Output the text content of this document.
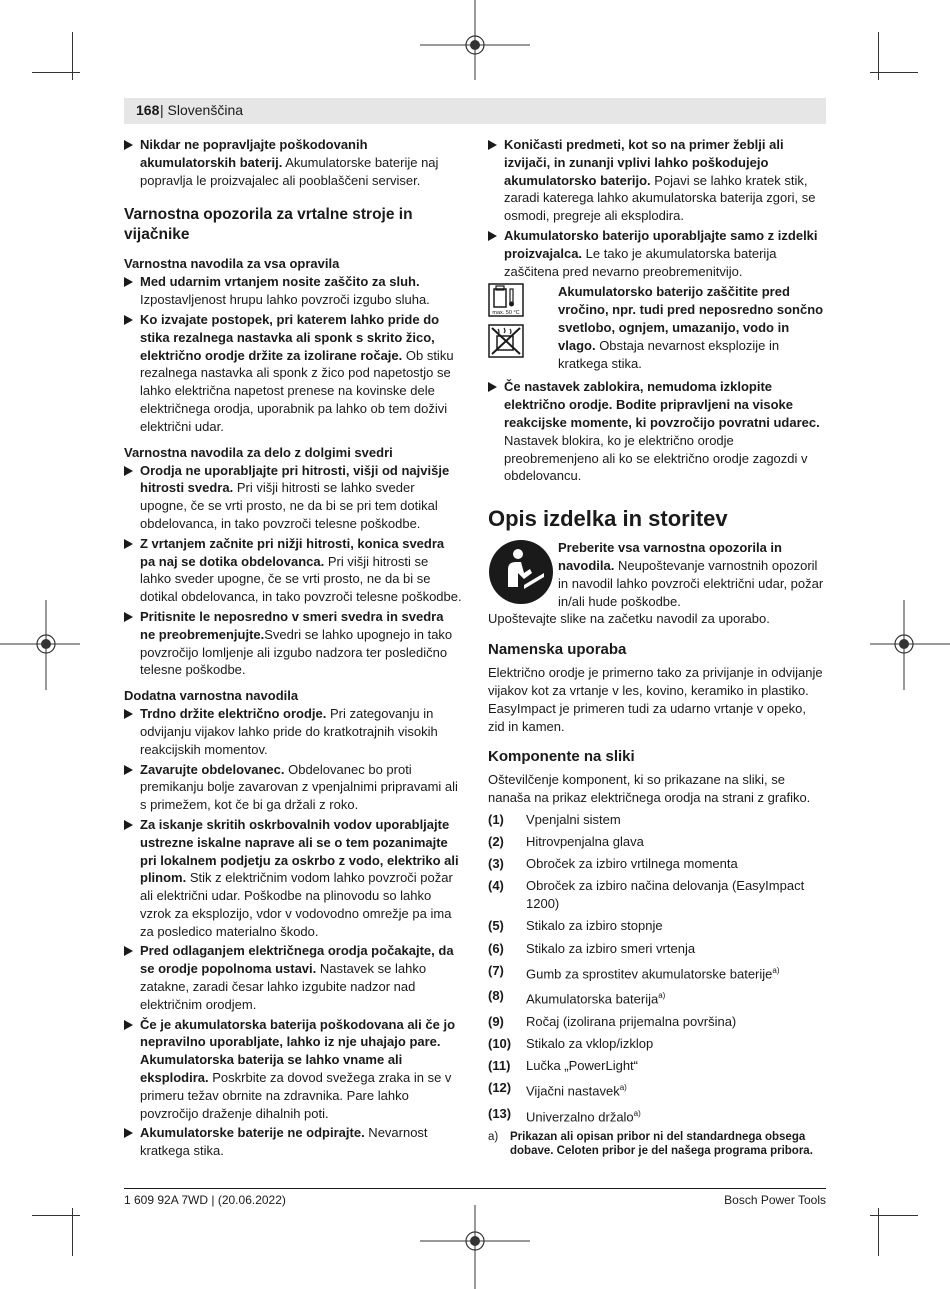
168 | Slovenščina
Nikdar ne popravljajte poškodovanih akumulatorskih baterij. Akumulatorske baterije naj popravlja le proizvajalec ali pooblaščeni serviser.
Varnostna opozorila za vrtalne stroje in vijačnike
Varnostna navodila za vsa opravila
Med udarnim vrtanjem nosite zaščito za sluh. Izpostavljenost hrupu lahko povzroči izgubo sluha.
Ko izvajate postopek, pri katerem lahko pride do stika rezalnega nastavka ali sponk s skrito žico, električno orodje držite za izolirane ročaje. Ob stiku rezalnega nastavka ali sponk z žico pod napetostjo se lahko električna napetost prenese na kovinske dele električnega orodja, uporabnik pa lahko ob tem doživi električni udar.
Varnostna navodila za delo z dolgimi svedri
Orodja ne uporabljajte pri hitrosti, višji od najvišje hitrosti svedra. Pri višji hitrosti se lahko sveder upogne, če se vrti prosto, ne da bi se pri tem dotikal obdelovanca, in tako povzroči telesne poškodbe.
Z vrtanjem začnite pri nižji hitrosti, konica svedra pa naj se dotika obdelovanca. Pri višji hitrosti se lahko sveder upogne, če se vrti prosto, ne da bi se dotikal obdelovanca, in tako povzroči telesne poškodbe.
Pritisnite le neposredno v smeri svedra in svedra ne preobremenjujte.Svedri se lahko upognejo in tako povzročijo lomljenje ali izgubo nadzora ter posledično telesne poškodbe.
Dodatna varnostna navodila
Trdno držite električno orodje. Pri zategovanju in odvijanju vijakov lahko pride do kratkotrajnih visokih reakcijskih momentov.
Zavarujte obdelovanec. Obdelovanec bo proti premikanju bolje zavarovan z vpenjalnimi pripravami ali s primežem, kot če bi ga držali z roko.
Za iskanje skritih oskrbovalnih vodov uporabljajte ustrezne iskalne naprave ali se o tem pozanimajte pri lokalnem podjetju za oskrbo z vodo, elektriko ali plinom. Stik z električnim vodom lahko povzroči požar ali električni udar. Poškodbe na plinovodu so lahko vzrok za eksplozijo, vdor v vodovodno omrežje pa ima za posledico materialno škodo.
Pred odlaganjem električnega orodja počakajte, da se orodje popolnoma ustavi. Nastavek se lahko zatakne, zaradi česar lahko izgubite nadzor nad električnim orodjem.
Če je akumulatorska baterija poškodovana ali če jo nepravilno uporabljate, lahko iz nje uhajajo pare. Akumulatorska baterija se lahko vname ali eksplodira. Poskrbite za dovod svežega zraka in se v primeru težav obrnite na zdravnika. Pare lahko povzročijo draženje dihalnih poti.
Akumulatorske baterije ne odpirajte. Nevarnost kratkega stika.
Koničasti predmeti, kot so na primer žeblji ali izvijači, in zunanji vplivi lahko poškodujejo akumulatorsko baterijo. Pojavi se lahko kratek stik, zaradi katerega lahko akumulatorska baterija zgori, se osmodi, pregreje ali eksplodira.
Akumulatorsko baterijo uporabljajte samo z izdelki proizvajalca. Le tako je akumulatorska baterija zaščitena pred nevarno preobremenitvijo.
max. 50 °C

Akumulatorsko baterijo zaščitite pred vročino, npr. tudi pred neposredno sončno svetlobo, ognjem, umazanijo, vodo in vlago. Obstaja nevarnost eksplozije in kratkega stika.
Če nastavek zablokira, nemudoma izklopite električno orodje. Bodite pripravljeni na visoke reakcijske momente, ki povzročijo povratni udarec. Nastavek blokira, ko je električno orodje preobremenjeno ali ko se električno orodje zagozdi v obdelovancu.
Opis izdelka in storitev
Preberite vsa varnostna opozorila in navodila. Neupoštevanje varnostnih opozoril in navodil lahko povzroči električni udar, požar in/ali hude poškodbe.

Upoštevajte slike na začetku navodil za uporabo.

Namenska uporaba

Električno orodje je primerno tako za privijanje in odvijanje vijakov kot za vrtanje v les, kovino, keramiko in plastiko.

EasyImpact je primeren tudi za udarno vrtanje v opeko, zid in kamen.

Komponente na sliki

Oštevilčenje komponent, ki so prikazane na sliki, se nanaša na prikaz električnega orodja na strani z grafiko.

(1)	Vpenjalni sistem
(2)	Hitrovpenjalna glava
(3)	Obroček za izbiro vrtilnega momenta
(4)	Obroček za izbiro načina delovanja (EasyImpact 1200)
(5)	Stikalo za izbiro stopnje
(6)	Stikalo za izbiro smeri vrtenja
(7)	Gumb za sprostitev akumulatorske baterije$^{a)}$
(8)	Akumulatorska baterija$^{a)}$
(9)	Ročaj (izolirana prijemalna površina)
(10)	Stikalo za vklop/izklop
(11)	Lučka „PowerLight“
(12)	Vijačni nastavek$^{a)}$
(13)	Univerzalno držalo$^{a)}$
a)	Prikazan ali opisan pribor ni del standardnega obsega dobave. Celoten pribor je del našega programa pribora.
1 609 92A 7WD | (20.06.2022)	Bosch Power Tools
